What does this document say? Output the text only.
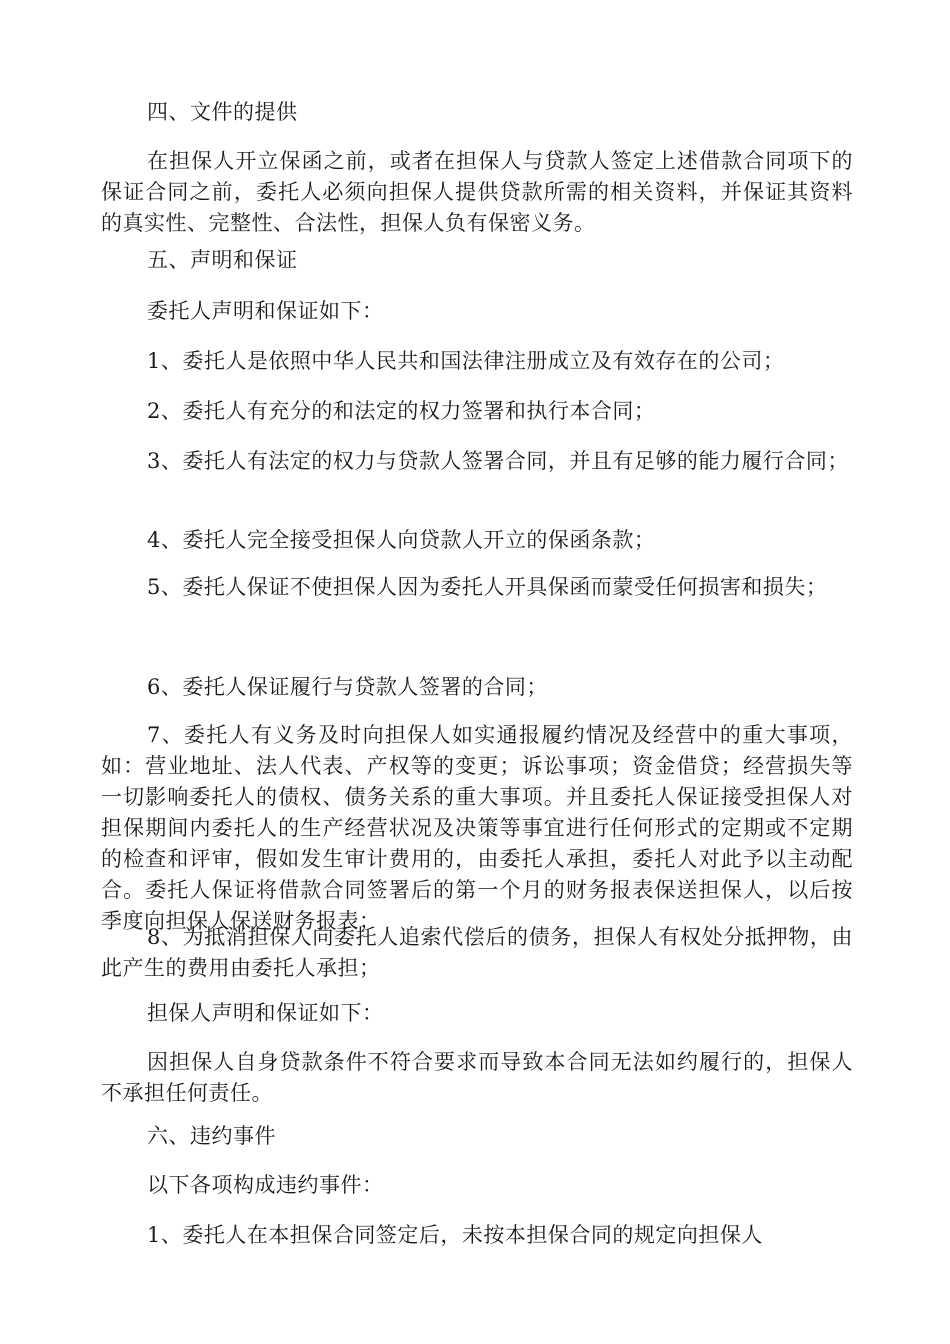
四、文件的提供

在担保人开立保函之前，或者在担保人与贷款人签定上述借款合同项下的保证合同之前，委托人必须向担保人提供贷款所需的相关资料，并保证其资料的真实性、完整性、合法性，担保人负有保密义务。

五、声明和保证

委托人声明和保证如下：

1、委托人是依照中华人民共和国法律注册成立及有效存在的公司；

2、委托人有充分的和法定的权力签署和执行本合同；

3、委托人有法定的权力与贷款人签署合同，并且有足够的能力履行合同；

4、委托人完全接受担保人向贷款人开立的保函条款；

5、委托人保证不使担保人因为委托人开具保函而蒙受任何损害和损失；

6、委托人保证履行与贷款人签署的合同；

7、委托人有义务及时向担保人如实通报履约情况及经营中的重大事项，如：营业地址、法人代表、产权等的变更；诉讼事项；资金借贷；经营损失等一切影响委托人的债权、债务关系的重大事项。并且委托人保证接受担保人对担保期间内委托人的生产经营状况及决策等事宜进行任何形式的定期或不定期的检查和评审，假如发生审计费用的，由委托人承担，委托人对此予以主动配合。委托人保证将借款合同签署后的第一个月的财务报表保送担保人，以后按季度向担保人保送财务报表；

8、为抵消担保人向委托人追索代偿后的债务，担保人有权处分抵押物，由此产生的费用由委托人承担；

担保人声明和保证如下：

因担保人自身贷款条件不符合要求而导致本合同无法如约履行的，担保人不承担任何责任。

六、违约事件

以下各项构成违约事件：

1、委托人在本担保合同签定后，未按本担保合同的规定向担保人
